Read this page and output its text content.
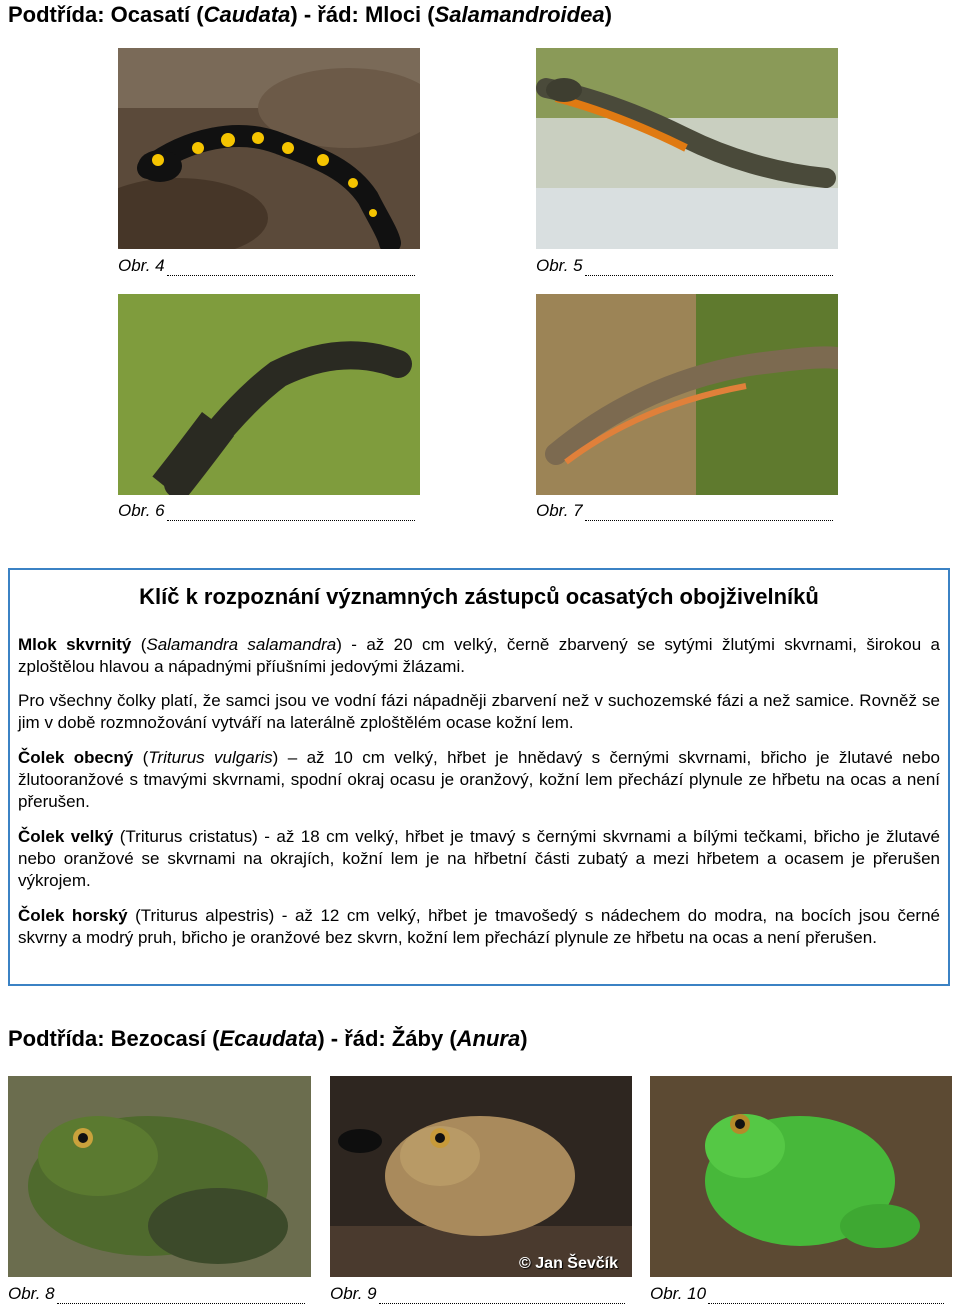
Podtřída: Ocasatí (Caudata) - řád: Mloci (Salamandroidea)
Obr. 4	Obr. 5
Obr. 6	Obr. 7
Klíč k rozpoznání významných zástupců ocasatých obojživelníků
Mlok skvrnitý (Salamandra salamandra) - až 20 cm velký, černě zbarvený se sytými žlutými skvrnami, širokou a zploštělou hlavou a nápadnými příušními jedovými žlázami.
Pro všechny čolky platí, že samci jsou ve vodní fázi nápadněji zbarvení než v suchozemské fázi a než samice. Rovněž se jim v době rozmnožování vytváří na laterálně zploštělém ocase kožní lem.
Čolek obecný (Triturus vulgaris) – až 10 cm velký, hřbet je hnědavý s černými skvrnami, břicho je žlutavé nebo žlutooranžové s tmavými skvrnami, spodní okraj ocasu je oranžový, kožní lem přechází plynule ze hřbetu na ocas a není přerušen.
Čolek velký (Triturus cristatus) - až 18 cm velký, hřbet je tmavý s černými skvrnami a bílými tečkami, břicho je žlutavé nebo oranžové se skvrnami na okrajích, kožní lem je na hřbetní části zubatý a mezi hřbetem a ocasem je přerušen výkrojem.
Čolek horský (Triturus alpestris) - až 12 cm velký, hřbet je tmavošedý s nádechem do modra, na bocích jsou černé skvrny a modrý pruh, břicho je oranžové bez skvrn, kožní lem přechází plynule ze hřbetu na ocas a není přerušen.
Podtřída: Bezocasí (Ecaudata) - řád: Žáby (Anura)
© Jan Ševčík
Obr. 8	Obr. 9	Obr. 10
